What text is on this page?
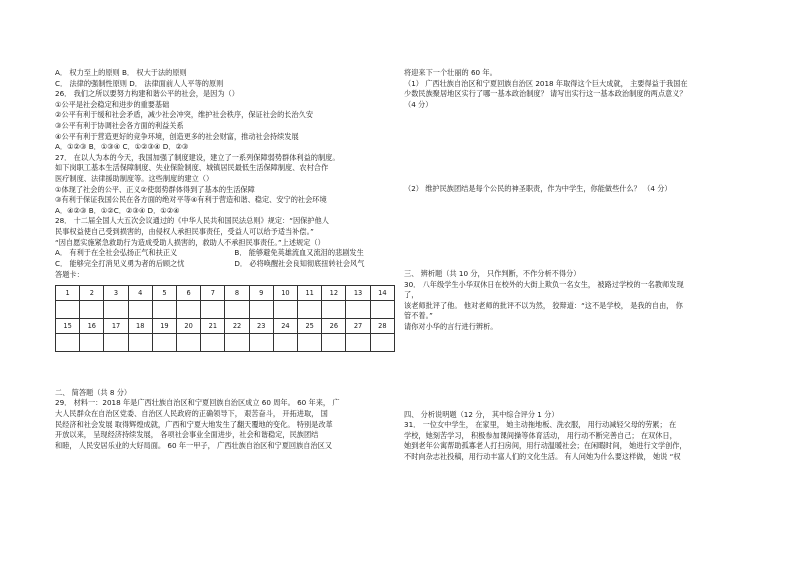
A． 权力至上的原则 B． 权大于法的原则
C． 法律的强制性原则 D． 法律面前人人平等的原则
26． 我们之所以要努力构建和谐公平的社会，是因为（）
①公平是社会稳定和进步的重要基础
②公平有利于缓和社会矛盾，减少社会冲突，维护社会秩序，保证社会的长治久安
③公平有利于协调社会各方面的利益关系
④公平有利于营造更好的竞争环境，创造更多的社会财富，推动社会持续发展
A．①②③ B．①③④ C．①②③④ D．②③
27． 在以人为本的今天，我国加强了制度建设，建立了一系列保障弱势群体利益的制度。
如下岗职工基本生活保障制度、失业保险制度、城镇居民最低生活保障制度、农村合作
医疗制度、法律援助制度等。这些制度的建立（）
①体现了社会的公平、正义②使弱势群体得到了基本的生活保障
③有利于保证我国公民在各方面的绝对平等④有利于营造和谐、稳定、安宁的社会环境
A．④②③ B．①②C．②③④ D．①②④
28． 十二届全国人大五次会议通过的《中华人民共和国民法总则》规定：“因保护他人
民事权益使自己受到损害的，由侵权人承担民事责任，受益人可以给予适当补偿。”
“因自愿实施紧急救助行为造成受助人损害的，救助人不承担民事责任。”上述规定（）
A． 有利于在全社会弘扬正气和扶正义	B． 能够避免英雄流血又流泪的悲剧发生
C． 能够完全打消见义勇为者的后顾之忧	D． 必将唤醒社会良知彻底扭转社会风气
答题卡：
1	2	3	4	5	6	7	8	9	10	11	12	13	14

15	16	17	18	19	20	21	22	23	24	25	26	27	28

二、 简答题（共 8 分）
29． 材料一：2018 年是广西壮族自治区和宁夏回族自治区成立 60 周年。 60 年来， 广
大人民群众在自治区党委、自治区人民政府的正确领导下， 艰苦奋斗， 开拓进取， 国
民经济和社会发展 取得辉煌成就，广西和宁夏大地发生了翻天覆地的变化。 特别是改革
开放以来， 呈现经济持续发展， 各项社会事业全面进步，社会和谐稳定，民族团结
和睦， 人民安居乐业的大好局面。 60 年一甲子， 广西壮族自治区和宁夏回族自治区又
将迎来下一个壮丽的 60 年。
（1） 广西壮族自治区和宁夏回族自治区 2018 年取得这个巨大成就， 主要得益于我国在
少数民族聚居地区实行了哪一基本政治制度？ 请写出实行这一基本政治制度的两点意义？
（4 分）
（2） 维护民族团结是每个公民的神圣职责，作为中学生，你能做些什么？ （4 分）
三、 辨析题（共 10 分， 只作判断，不作分析不得分）
30． 八年级学生小华双休日在校外的大街上欺负一名女生， 被路过学校的一名教师发现
了，
该老师批评了他。 他对老师的批评不以为然， 狡辩道：“这不是学校， 是我的自由， 你
管不着。”
请你对小华的言行进行辨析。
四、 分析说明题（12 分， 其中综合评分 1 分）
31． 一位女中学生， 在家里， 她主动拖地板、洗衣服， 用行动减轻父母的劳累； 在
学校，她刻苦学习， 积极参加课间操等体育活动， 用行动不断完善自己； 在双休日，
她到老年公寓帮助孤寡老人打扫房间，用行动温暖社会；在闲暇时间， 她进行文学创作，
不时向杂志社投稿，用行动丰富人们的文化生活。 有人问她为什么要这样做， 她说 “权
